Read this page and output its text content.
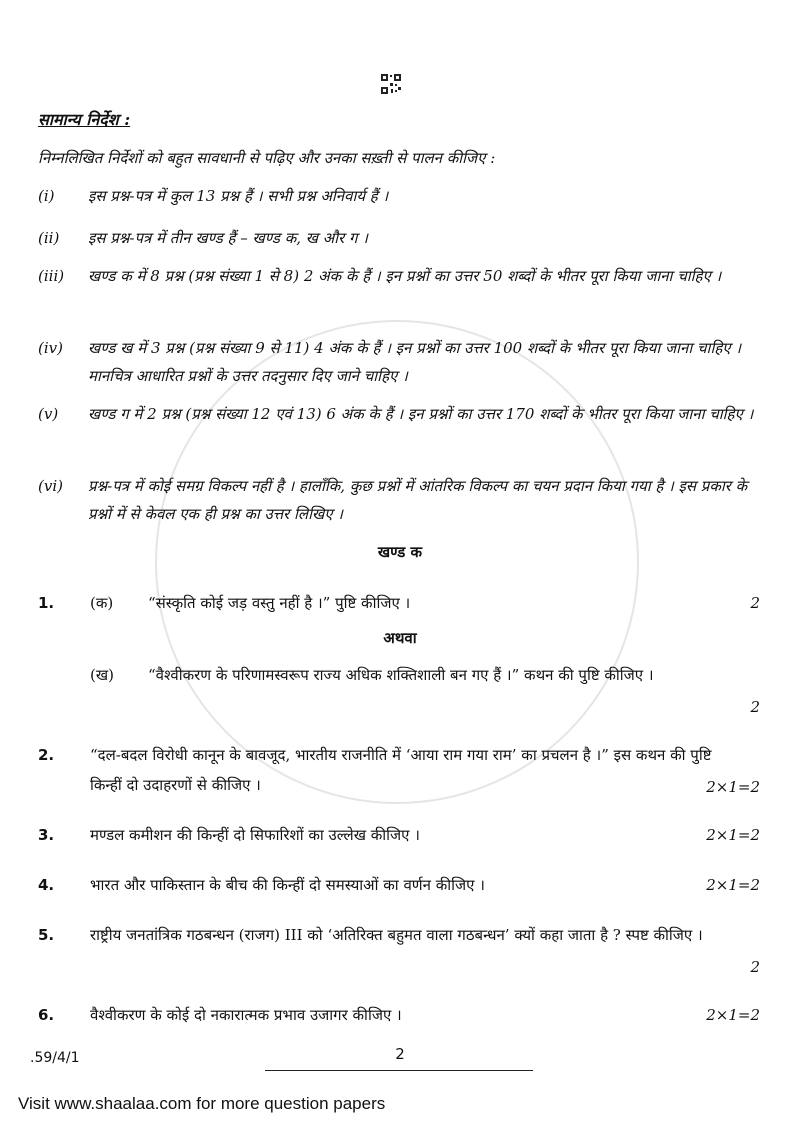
सामान्य निर्देश :
निम्नलिखित निर्देशों को बहुत सावधानी से पढ़िए और उनका सख़्ती से पालन कीजिए :
(i)	इस प्रश्न-पत्र में कुल 13 प्रश्न हैं । सभी प्रश्न अनिवार्य हैं ।
(ii)	इस प्रश्न-पत्र में तीन खण्ड हैं – खण्ड क, ख और ग ।
(iii)	खण्ड क में 8 प्रश्न (प्रश्न संख्या 1 से 8) 2 अंक के हैं । इन प्रश्नों का उत्तर 50 शब्दों के भीतर पूरा किया जाना चाहिए ।
(iv)	खण्ड ख में 3 प्रश्न (प्रश्न संख्या 9 से 11) 4 अंक के हैं । इन प्रश्नों का उत्तर 100 शब्दों के भीतर पूरा किया जाना चाहिए । मानचित्र आधारित प्रश्नों के उत्तर तदनुसार दिए जाने चाहिए ।
(v)	खण्ड ग में 2 प्रश्न (प्रश्न संख्या 12 एवं 13) 6 अंक के हैं । इन प्रश्नों का उत्तर 170 शब्दों के भीतर पूरा किया जाना चाहिए ।
(vi)	प्रश्न-पत्र में कोई समग्र विकल्प नहीं है । हालाँकि, कुछ प्रश्नों में आंतरिक विकल्प का चयन प्रदान किया गया है । इस प्रकार के प्रश्नों में से केवल एक ही प्रश्न का उत्तर लिखिए ।
खण्ड क
1.	(क)	“संस्कृति कोई जड़ वस्तु नहीं है ।” पुष्टि कीजिए ।	2
अथवा
(ख)	“वैश्वीकरण के परिणामस्वरूप राज्य अधिक शक्तिशाली बन गए हैं ।” कथन की पुष्टि कीजिए ।
2
2.	“दल-बदल विरोधी कानून के बावजूद, भारतीय राजनीति में ‘आया राम गया राम’ का प्रचलन है ।” इस कथन की पुष्टि किन्हीं दो उदाहरणों से कीजिए ।	2×1=2
3.	मण्डल कमीशन की किन्हीं दो सिफारिशों का उल्लेख कीजिए ।	2×1=2
4.	भारत और पाकिस्तान के बीच की किन्हीं दो समस्याओं का वर्णन कीजिए ।	2×1=2
5.	राष्ट्रीय जनतांत्रिक गठबन्धन (राजग) III को ‘अतिरिक्त बहुमत वाला गठबन्धन’ क्यों कहा जाता है ? स्पष्ट कीजिए ।
2
6.	वैश्वीकरण के कोई दो नकारात्मक प्रभाव उजागर कीजिए ।	2×1=2
.59/4/1	2
Visit www.shaalaa.com for more question papers
